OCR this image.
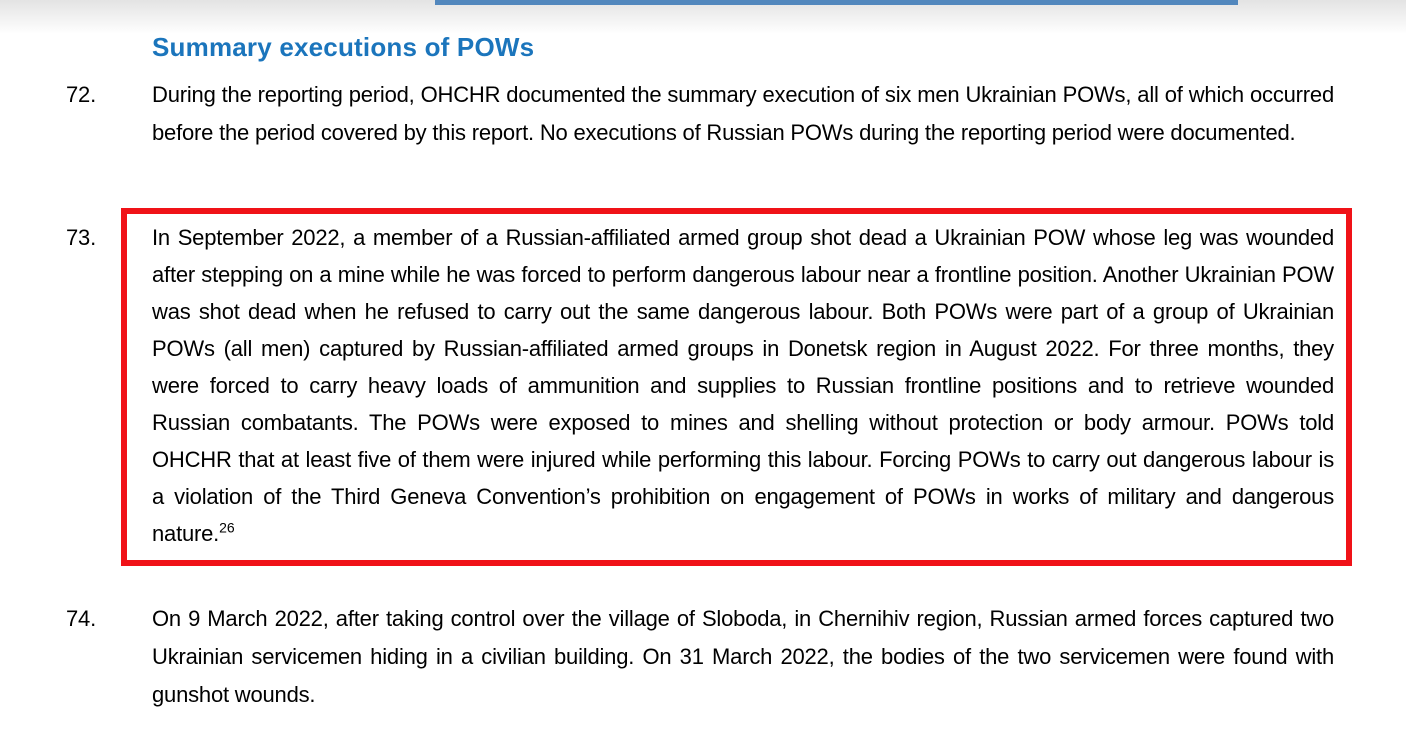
Summary executions of POWs
72.	During the reporting period, OHCHR documented the summary execution of six men Ukrainian POWs, all of which occurred before the period covered by this report. No executions of Russian POWs during the reporting period were documented.
73.	In September 2022, a member of a Russian-affiliated armed group shot dead a Ukrainian POW whose leg was wounded after stepping on a mine while he was forced to perform dangerous labour near a frontline position. Another Ukrainian POW was shot dead when he refused to carry out the same dangerous labour. Both POWs were part of a group of Ukrainian POWs (all men) captured by Russian-affiliated armed groups in Donetsk region in August 2022. For three months, they were forced to carry heavy loads of ammunition and supplies to Russian frontline positions and to retrieve wounded Russian combatants. The POWs were exposed to mines and shelling without protection or body armour. POWs told OHCHR that at least five of them were injured while performing this labour. Forcing POWs to carry out dangerous labour is a violation of the Third Geneva Convention’s prohibition on engagement of POWs in works of military and dangerous nature.$^{26}$
74.	On 9 March 2022, after taking control over the village of Sloboda, in Chernihiv region, Russian armed forces captured two Ukrainian servicemen hiding in a civilian building. On 31 March 2022, the bodies of the two servicemen were found with gunshot wounds.
